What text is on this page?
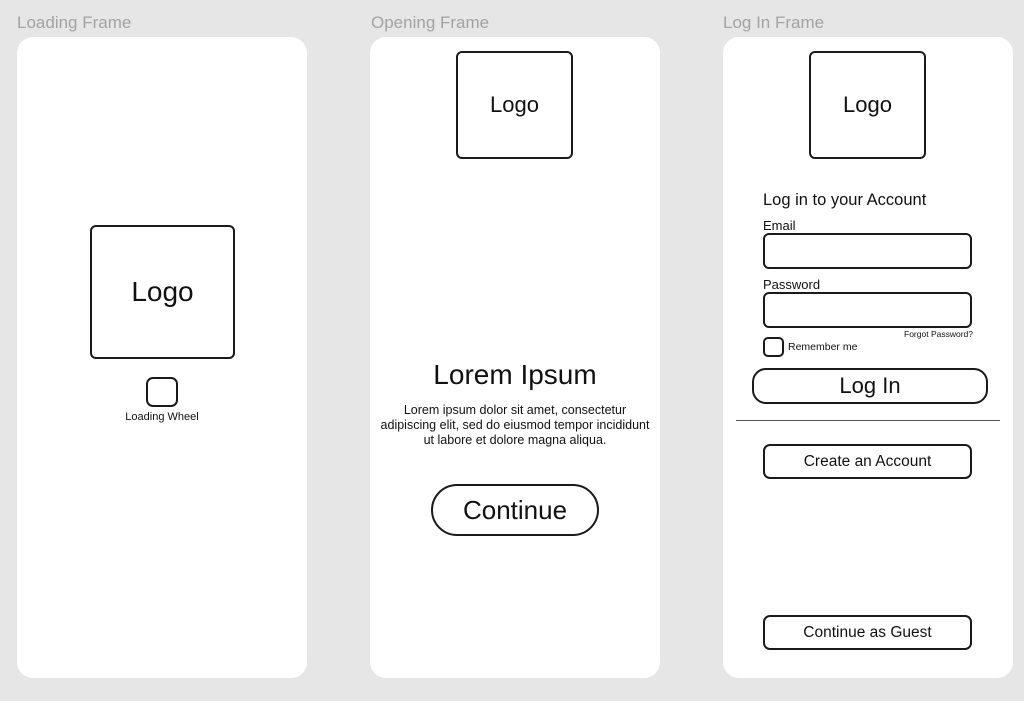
Loading Frame	Opening Frame	Log In Frame
Logo
Loading Wheel
Logo
Lorem Ipsum
Lorem ipsum dolor sit amet, consectetur adipiscing elit, sed do eiusmod tempor incididunt ut labore et dolore magna aliqua.
Continue
Logo
Log in to your Account
Email
Password
Forgot Password?
Remember me
Log In
Create an Account
Continue as Guest
